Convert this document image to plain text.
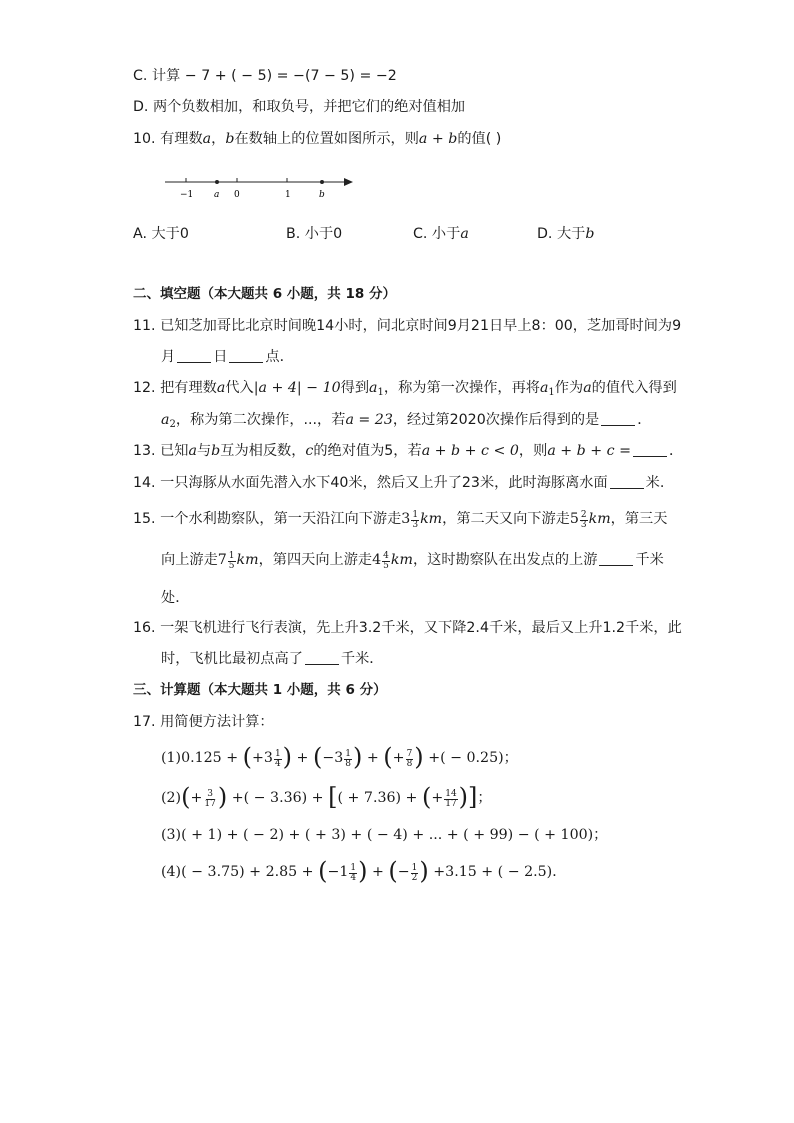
C. 计算 − 7 + ( − 5) = −(7 − 5) = −2
D. 两个负数相加，和取负号，并把它们的绝对值相加
10. 有理数a，b在数轴上的位置如图所示，则a + b的值( )
−1 a 0	1	b
A. 大于0	B. 小于0	C. 小于a	D. 大于b
二、填空题（本大题共 6 小题，共 18 分）
11. 已知芝加哥比北京时间晚14小时，问北京时间9月21日早上8：00，芝加哥时间为9
月	日	点．
12. 把有理数a代入|a + 4| − 10得到$a_1$，称为第一次操作，再将$a_1$作为a的值代入得到
$a_2$，称为第二次操作，...，若a = 23，经过第2020次操作后得到的是	．
13. 已知a与b互为相反数，c的绝对值为5，若a + b + c < 0，则a + b + c =	．
14. 一只海豚从水面先潜入水下40米，然后又上升了23米，此时海豚离水面	米.
15. 一个水利勘察队，第一天沿江向下游走$3 \frac{1}{3}$ km，第二天又向下游走$5 \frac{2}{3}$ km，第三天
向上游走$7 \frac{1}{5}$ km，第四天向上游走$4 \frac{4}{5}$ km，这时勘察队在出发点的上游	千米
处．
16. 一架飞机进行飞行表演，先上升3.2千米，又下降2.4千米，最后又上升1.2千米，此
时，飞机比最初点高了	千米．
三、计算题（本大题共 1 小题，共 6 分）
17. 用简便方法计算：
$(1)0.125 + (+3 \frac{1}{4}$ ) + ($-3 \frac{1}{8}$ ) + (+ $\frac{7}{8}$ ) +( − 0.25)；
$(2)(+ \frac{3}{17}$ ) +( − 3.36) + [( + 7.36) + (+ $\frac{14}{17}$ )]；
(3)( + 1) + ( − 2) + ( + 3) + ( − 4) + ... + ( + 99) − ( + 100)；
$(4)( - 3.75) + 2.85 + (-1 \frac{1}{4}$ ) + (− $\frac{1}{2}$ ) +3.15 + ( − 2.5)．
